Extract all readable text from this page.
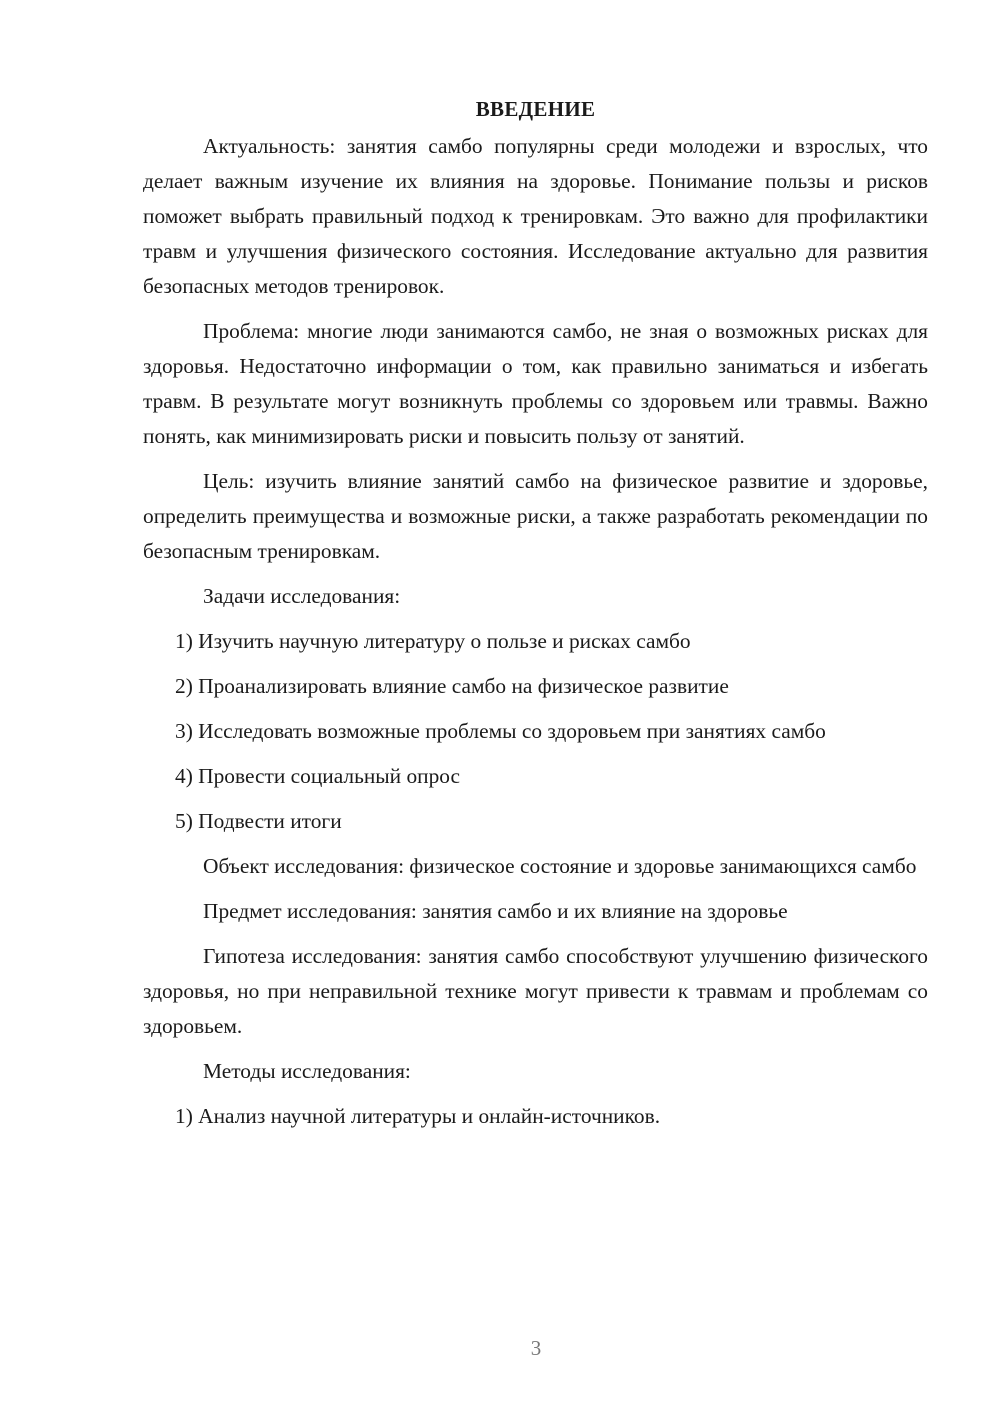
ВВЕДЕНИЕ

Актуальность: занятия самбо популярны среди молодежи и взрослых, что делает важным изучение их влияния на здоровье. Понимание пользы и рисков поможет выбрать правильный подход к тренировкам. Это важно для профилактики травм и улучшения физического состояния. Исследование актуально для развития безопасных методов тренировок.

Проблема: многие люди занимаются самбо, не зная о возможных рисках для здоровья. Недостаточно информации о том, как правильно заниматься и избегать травм. В результате могут возникнуть проблемы со здоровьем или травмы. Важно понять, как минимизировать риски и повысить пользу от занятий.

Цель: изучить влияние занятий самбо на физическое развитие и здоровье, определить преимущества и возможные риски, а также разработать рекомендации по безопасным тренировкам.

Задачи исследования:

1) Изучить научную литературу о пользе и рисках самбо

2) Проанализировать влияние самбо на физическое развитие

3) Исследовать возможные проблемы со здоровьем при занятиях самбо

4) Провести социальный опрос

5) Подвести итоги

Объект исследования: физическое состояние и здоровье занимающихся самбо

Предмет исследования: занятия самбо и их влияние на здоровье

Гипотеза исследования: занятия самбо способствуют улучшению физического здоровья, но при неправильной технике могут привести к травмам и проблемам со здоровьем.

Методы исследования:

1) Анализ научной литературы и онлайн-источников.

3
